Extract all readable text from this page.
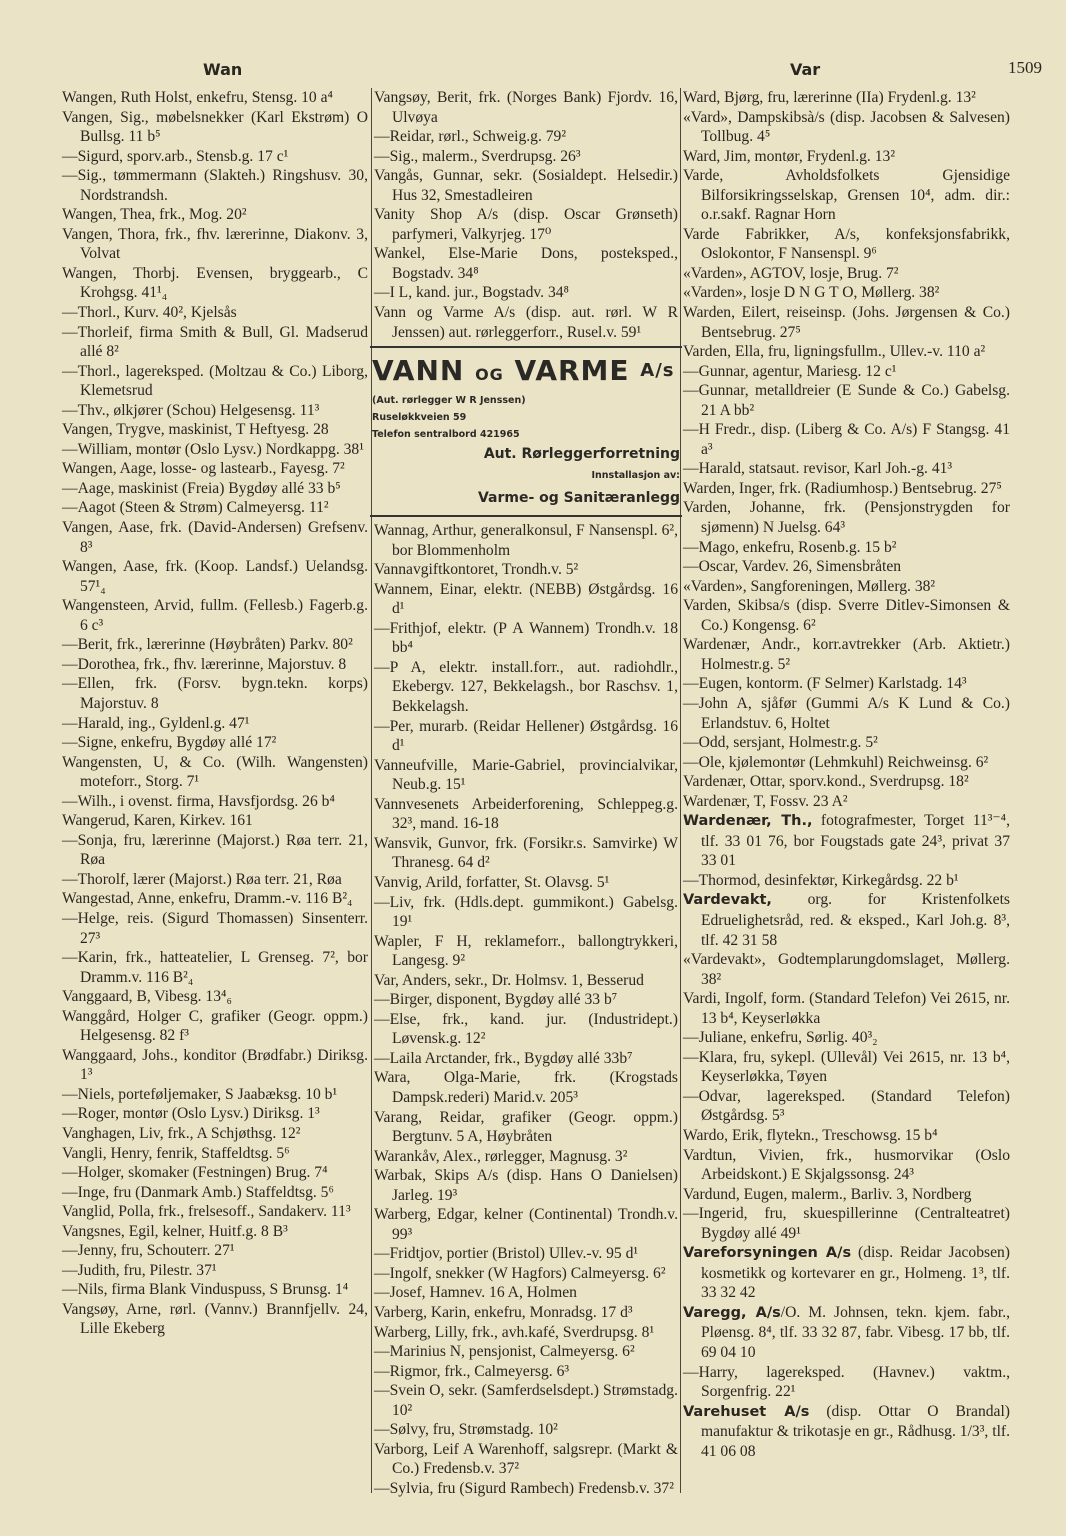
Wan	Var	1509
Wangen, Ruth Holst, enkefru, Stensg. 10 a⁴
Vangen, Sig., møbelsnekker (Karl Ekstrøm) O Bullsg. 11 b⁵
—Sigurd, sporv.arb., Stensb.g. 17 c¹
—Sig., tømmermann (Slakteh.) Ringshusv. 30, Nordstrandsh.
Wangen, Thea, frk., Mog. 20²
Vangen, Thora, frk., fhv. lærerinne, Diakonv. 3, Volvat
Wangen, Thorbj. Evensen, bryggearb., C Krohgsg. 41¹₄
—Thorl., Kurv. 40², Kjelsås
—Thorleif, firma Smith & Bull, Gl. Madserud allé 8²
—Thorl., lagereksped. (Moltzau & Co.) Liborg, Klemetsrud
—Thv., ølkjører (Schou) Helgesensg. 11³
Vangen, Trygve, maskinist, T Heftyesg. 28
—William, montør (Oslo Lysv.) Nordkappg. 38¹
Wangen, Aage, losse- og lastearb., Fayesg. 7²
—Aage, maskinist (Freia) Bygdøy allé 33 b⁵
—Aagot (Steen & Strøm) Calmeyersg. 11²
Vangen, Aase, frk. (David-Andersen) Grefsenv. 8³
Wangen, Aase, frk. (Koop. Landsf.) Uelandsg. 57¹₄
Wangensteen, Arvid, fullm. (Fellesb.) Fagerb.g. 6 c³
—Berit, frk., lærerinne (Høybråten) Parkv. 80²
—Dorothea, frk., fhv. lærerinne, Majorstuv. 8
—Ellen, frk. (Forsv. bygn.tekn. korps) Majorstuv. 8
—Harald, ing., Gyldenl.g. 47¹
—Signe, enkefru, Bygdøy allé 17²
Wangensten, U, & Co. (Wilh. Wangensten) moteforr., Storg. 7¹
—Wilh., i ovenst. firma, Havsfjordsg. 26 b⁴
Wangerud, Karen, Kirkev. 161
—Sonja, fru, lærerinne (Majorst.) Røa terr. 21, Røa
—Thorolf, lærer (Majorst.) Røa terr. 21, Røa
Wangestad, Anne, enkefru, Dramm.-v. 116 B²₄
—Helge, reis. (Sigurd Thomassen) Sinsenterr. 27³
—Karin, frk., hatteatelier, L Grenseg. 7², bor Dramm.v. 116 B²₄
Vanggaard, B, Vibesg. 13⁴₆
Wanggård, Holger C, grafiker (Geogr. oppm.) Helgesensg. 82 f³
Wanggaard, Johs., konditor (Brødfabr.) Diriksg. 1³
—Niels, porteføljemaker, S Jaabæksg. 10 b¹
—Roger, montør (Oslo Lysv.) Diriksg. 1³
Vanghagen, Liv, frk., A Schjøthsg. 12²
Vangli, Henry, fenrik, Staffeldtsg. 5⁶
—Holger, skomaker (Festningen) Brug. 7⁴
—Inge, fru (Danmark Amb.) Staffeldtsg. 5⁶
Vanglid, Polla, frk., frelsesoff., Sandakerv. 11³
Vangsnes, Egil, kelner, Huitf.g. 8 B³
—Jenny, fru, Schouterr. 27¹
—Judith, fru, Pilestr. 37¹
—Nils, firma Blank Vinduspuss, S Brunsg. 1⁴
Vangsøy, Arne, rørl. (Vannv.) Brannfjellv. 24, Lille Ekeberg
Vangsøy, Berit, frk. (Norges Bank) Fjordv. 16, Ulvøya
—Reidar, rørl., Schweig.g. 79²
—Sig., malerm., Sverdrupsg. 26³
Vangås, Gunnar, sekr. (Sosialdept. Helsedir.) Hus 32, Smestadleiren
Vanity Shop A/s (disp. Oscar Grønseth) parfymeri, Valkyrjeg. 17⁰
Wankel, Else-Marie Dons, posteksped., Bogstadv. 34⁸
—I L, kand. jur., Bogstadv. 34⁸
Vann og Varme A/s (disp. aut. rørl. W R Jenssen) aut. rørleggerforr., Rusel.v. 59¹
VANN OG VARME A/s
(Aut. rørlegger W R Jenssen)
Ruseløkkveien 59
Telefon sentralbord 421965
Aut. Rørleggerforretning
Innstallasjon av:
Varme- og Sanitæranlegg
Wannag, Arthur, generalkonsul, F Nansenspl. 6², bor Blommenholm
Vannavgiftkontoret, Trondh.v. 5²
Wannem, Einar, elektr. (NEBB) Østgårdsg. 16 d¹
—Frithjof, elektr. (P A Wannem) Trondh.v. 18 bb⁴
—P A, elektr. install.forr., aut. radiohdlr., Ekebergv. 127, Bekkelagsh., bor Raschsv. 1, Bekkelagsh.
—Per, murarb. (Reidar Hellener) Østgårdsg. 16 d¹
Vanneufville, Marie-Gabriel, provincialvikar, Neub.g. 15¹
Vannvesenets Arbeiderforening, Schleppeg.g. 32³, mand. 16-18
Wansvik, Gunvor, frk. (Forsikr.s. Samvirke) W Thranesg. 64 d²
Vanvig, Arild, forfatter, St. Olavsg. 5¹
—Liv, frk. (Hdls.dept. gummikont.) Gabelsg. 19¹
Wapler, F H, reklameforr., ballongtrykkeri, Langesg. 9²
Var, Anders, sekr., Dr. Holmsv. 1, Besserud
—Birger, disponent, Bygdøy allé 33 b⁷
—Else, frk., kand. jur. (Industridept.) Løvensk.g. 12²
—Laila Arctander, frk., Bygdøy allé 33b⁷
Wara, Olga-Marie, frk. (Krogstads Dampsk.rederi) Marid.v. 205³
Varang, Reidar, grafiker (Geogr. oppm.) Bergtunv. 5 A, Høybråten
Warankåv, Alex., rørlegger, Magnusg. 3²
Warbak, Skips A/s (disp. Hans O Danielsen) Jarleg. 19³
Warberg, Edgar, kelner (Continental) Trondh.v. 99³
—Fridtjov, portier (Bristol) Ullev.-v. 95 d¹
—Ingolf, snekker (W Hagfors) Calmeyersg. 6²
—Josef, Hamnev. 16 A, Holmen
Varberg, Karin, enkefru, Monradsg. 17 d³
Warberg, Lilly, frk., avh.kafé, Sverdrupsg. 8¹
—Marinius N, pensjonist, Calmeyersg. 6²
—Rigmor, frk., Calmeyersg. 6³
—Svein O, sekr. (Samferdselsdept.) Strømstadg. 10²
—Sølvy, fru, Strømstadg. 10²
Varborg, Leif A Warenhoff, salgsrepr. (Markt & Co.) Fredensb.v. 37²
—Sylvia, fru (Sigurd Rambech) Fredensb.v. 37²
Ward, Bjørg, fru, lærerinne (IIa) Frydenl.g. 13²
«Vard», Dampskibsà/s (disp. Jacobsen & Salvesen) Tollbug. 4⁵
Ward, Jim, montør, Frydenl.g. 13²
Varde, Avholdsfolkets Gjensidige Bilforsikringsselskap, Grensen 10⁴, adm. dir.: o.r.sakf. Ragnar Horn
Varde Fabrikker, A/s, konfeksjonsfabrikk, Oslokontor, F Nansenspl. 9⁶
«Varden», AGTOV, losje, Brug. 7²
«Varden», losje D N G T O, Møllerg. 38²
Warden, Eilert, reiseinsp. (Johs. Jørgensen & Co.) Bentsebrug. 27⁵
Varden, Ella, fru, ligningsfullm., Ullev.-v. 110 a²
—Gunnar, agentur, Mariesg. 12 c¹
—Gunnar, metalldreier (E Sunde & Co.) Gabelsg. 21 A bb²
—H Fredr., disp. (Liberg & Co. A/s) F Stangsg. 41 a³
—Harald, statsaut. revisor, Karl Joh.-g. 41³
Warden, Inger, frk. (Radiumhosp.) Bentsebrug. 27⁵
Varden, Johanne, frk. (Pensjonstrygden for sjømenn) N Juelsg. 64³
—Mago, enkefru, Rosenb.g. 15 b²
—Oscar, Vardev. 26, Simensbråten
«Varden», Sangforeningen, Møllerg. 38²
Varden, Skibsa/s (disp. Sverre Ditlev-Simonsen & Co.) Kongensg. 6²
Wardenær, Andr., korr.avtrekker (Arb. Aktietr.) Holmestr.g. 5²
—Eugen, kontorm. (F Selmer) Karlstadg. 14³
—John A, sjåfør (Gummi A/s K Lund & Co.) Erlandstuv. 6, Holtet
—Odd, sersjant, Holmestr.g. 5²
—Ole, kjølemontør (Lehmkuhl) Reichweinsg. 6²
Vardenær, Ottar, sporv.kond., Sverdrupsg. 18²
Wardenær, T, Fossv. 23 A²
Wardenær, Th., fotografmester, Torget 11³⁻⁴, tlf. 33 01 76, bor Fougstads gate 24³, privat 37 33 01
—Thormod, desinfektør, Kirkegårdsg. 22 b¹
Vardevakt, org. for Kristenfolkets Edruelighetsråd, red. & eksped., Karl Joh.g. 8³, tlf. 42 31 58
«Vardevakt», Godtemplarungdomslaget, Møllerg. 38²
Vardi, Ingolf, form. (Standard Telefon) Vei 2615, nr. 13 b⁴, Keyserløkka
—Juliane, enkefru, Sørlig. 40³₂
—Klara, fru, sykepl. (Ullevål) Vei 2615, nr. 13 b⁴, Keyserløkka, Tøyen
—Odvar, lagereksped. (Standard Telefon) Østgårdsg. 5³
Wardo, Erik, flytekn., Treschowsg. 15 b⁴
Vardtun, Vivien, frk., husmorvikar (Oslo Arbeidskont.) E Skjalgssonsg. 24³
Vardund, Eugen, malerm., Barliv. 3, Nordberg
—Ingerid, fru, skuespillerinne (Centralteatret) Bygdøy allé 49¹
Vareforsyningen A/s (disp. Reidar Jacobsen) kosmetikk og kortevarer en gr., Holmeng. 1³, tlf. 33 32 42
Varegg, A/s/O. M. Johnsen, tekn. kjem. fabr., Pløensg. 8⁴, tlf. 33 32 87, fabr. Vibesg. 17 bb, tlf. 69 04 10
—Harry, lagereksped. (Havnev.) vaktm., Sorgenfrig. 22¹
Varehuset A/s (disp. Ottar O Brandal) manufaktur & trikotasje en gr., Rådhusg. 1/3³, tlf. 41 06 08
